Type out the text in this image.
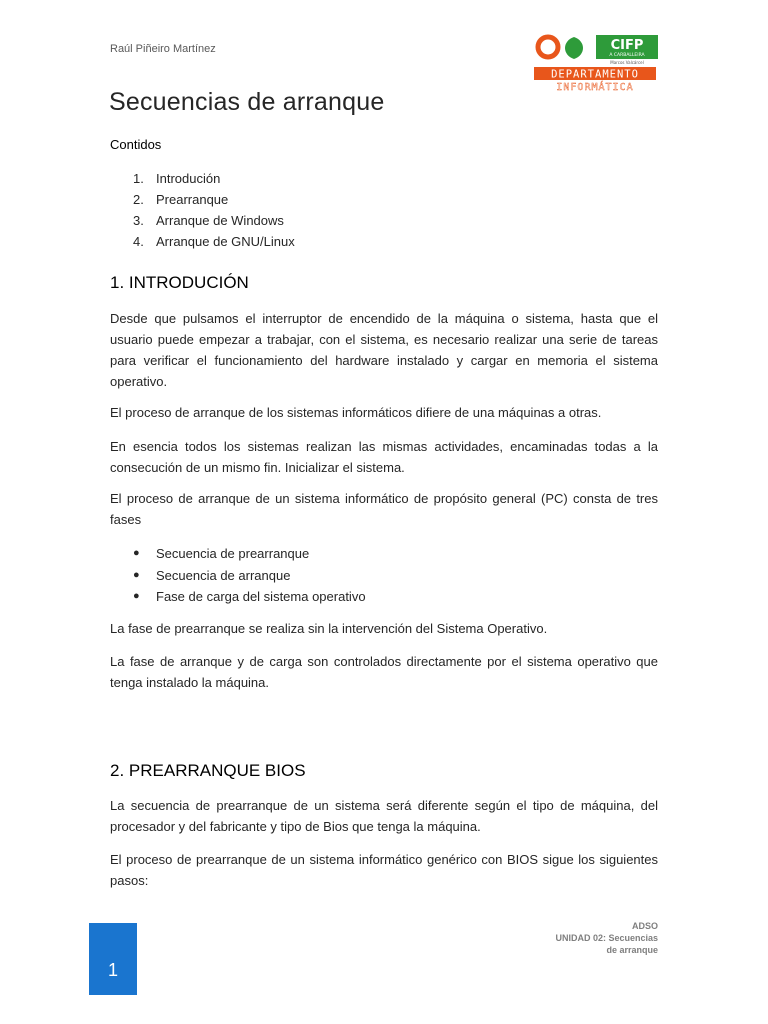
Raúl Piñeiro Martínez	CIFP
A CARBALLEIRA
Marcos Valcárcel
DEPARTAMENTO
INFORMÁTICA
Secuencias de arranque
Contidos
1. Introdución
2. Prearranque
3. Arranque de Windows
4. Arranque de GNU/Linux
1. INTRODUCIÓN

Desde que pulsamos el interruptor de encendido de la máquina o sistema, hasta que el usuario puede empezar a trabajar, con el sistema, es necesario realizar una serie de tareas para verificar el funcionamiento del hardware instalado y cargar en memoria el sistema operativo.

El proceso de arranque de los sistemas informáticos difiere de una máquinas a otras.

En esencia todos los sistemas realizan las mismas actividades, encaminadas todas a la consecución de un mismo fin. Inicializar el sistema.

El proceso de arranque de un sistema informático de propósito general (PC) consta de tres fases

●	Secuencia de prearranque
●	Secuencia de arranque
●	Fase de carga del sistema operativo

La fase de prearranque se realiza sin la intervención del Sistema Operativo.

La fase de arranque y de carga son controlados directamente por el sistema operativo que tenga instalado la máquina.

2. PREARRANQUE BIOS

La secuencia de prearranque de un sistema será diferente según el tipo de máquina, del procesador y del fabricante y tipo de Bios que tenga la máquina.

El proceso de prearranque de un sistema informático genérico con BIOS sigue los siguientes pasos:

1
ADSO
UNIDAD 02: Secuencias
de arranque
